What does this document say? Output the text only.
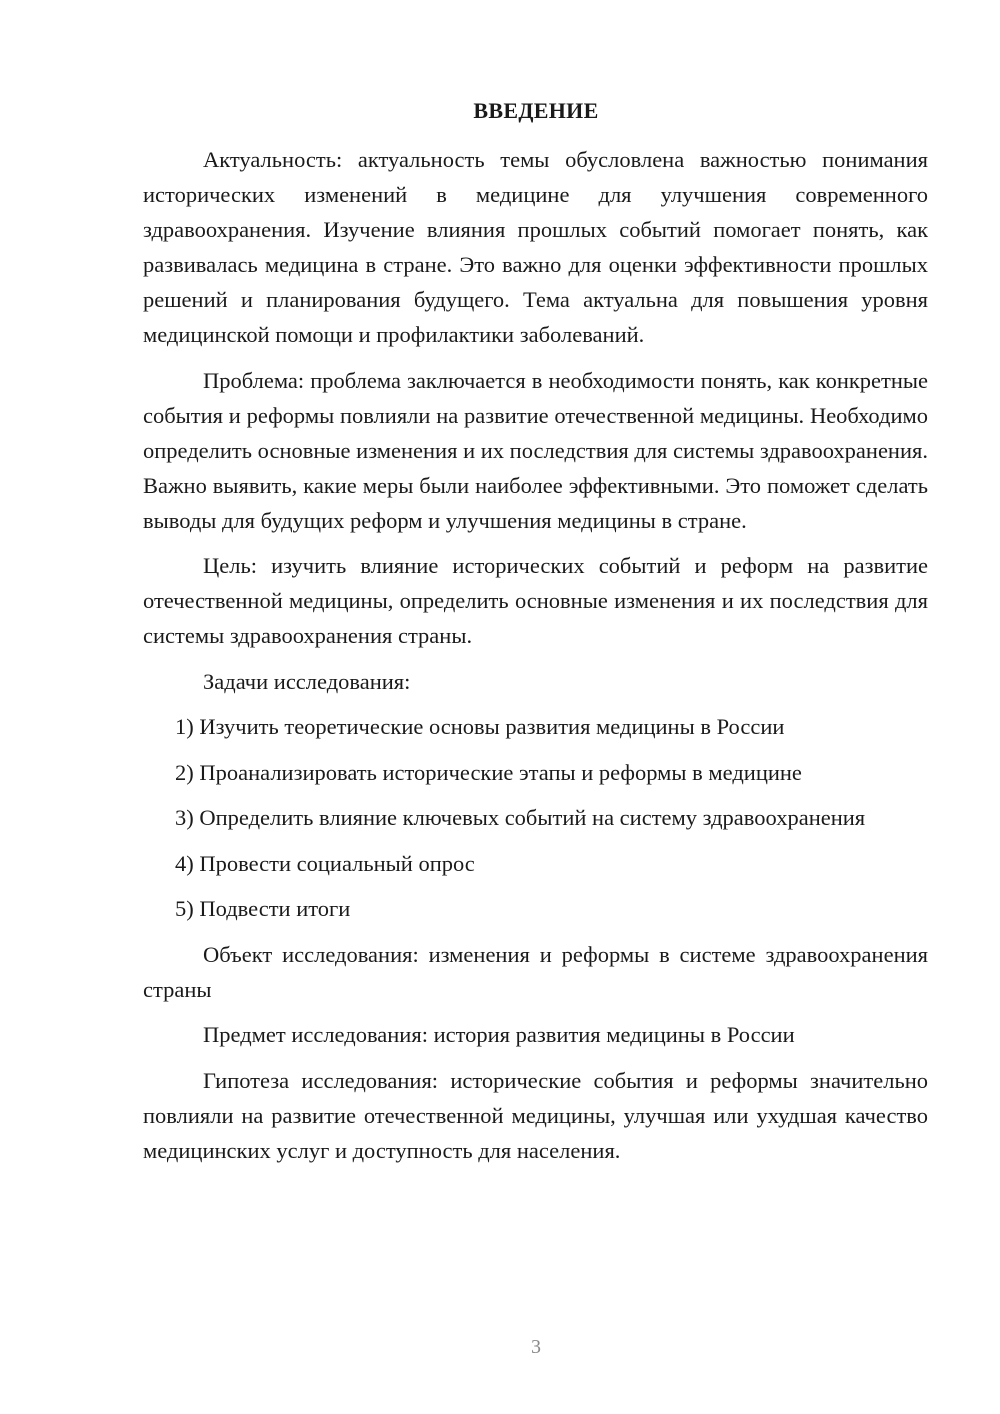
ВВЕДЕНИЕ

Актуальность: актуальность темы обусловлена важностью понимания исторических изменений в медицине для улучшения современного здравоохранения. Изучение влияния прошлых событий помогает понять, как развивалась медицина в стране. Это важно для оценки эффективности прошлых решений и планирования будущего. Тема актуальна для повышения уровня медицинской помощи и профилактики заболеваний.

Проблема: проблема заключается в необходимости понять, как конкретные события и реформы повлияли на развитие отечественной медицины. Необходимо определить основные изменения и их последствия для системы здравоохранения. Важно выявить, какие меры были наиболее эффективными. Это поможет сделать выводы для будущих реформ и улучшения медицины в стране.

Цель: изучить влияние исторических событий и реформ на развитие отечественной медицины, определить основные изменения и их последствия для системы здравоохранения страны.

Задачи исследования:

1) Изучить теоретические основы развития медицины в России

2) Проанализировать исторические этапы и реформы в медицине

3) Определить влияние ключевых событий на систему здравоохранения

4) Провести социальный опрос

5) Подвести итоги

Объект исследования: изменения и реформы в системе здравоохранения страны

Предмет исследования: история развития медицины в России

Гипотеза исследования: исторические события и реформы значительно повлияли на развитие отечественной медицины, улучшая или ухудшая качество медицинских услуг и доступность для населения.

3
